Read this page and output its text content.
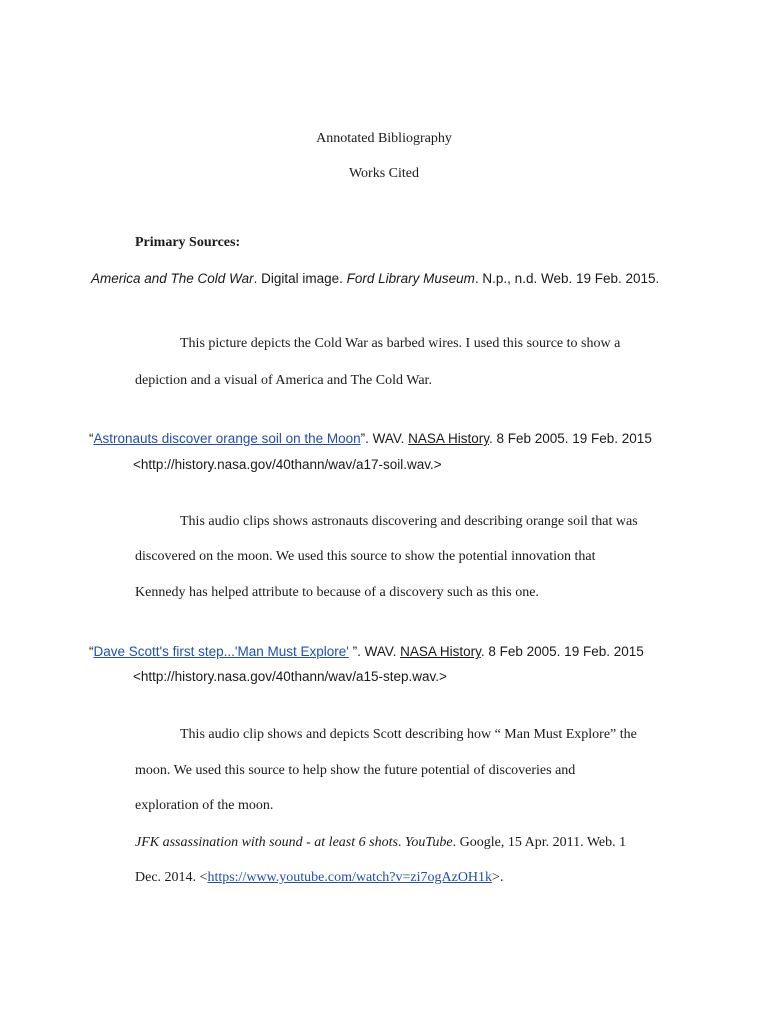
Annotated Bibliography
Works Cited
Primary Sources:
America and The Cold War. Digital image. Ford Library Museum. N.p., n.d. Web. 19 Feb. 2015.
This picture depicts the Cold War as barbed wires. I used this source to show a
depiction and a visual of America and The Cold War.
“Astronauts discover orange soil on the Moon”. WAV. NASA History. 8 Feb 2005. 19 Feb. 2015
<http://history.nasa.gov/40thann/wav/a17-soil.wav.>
This audio clips shows astronauts discovering and describing orange soil that was
discovered on the moon. We used this source to show the potential innovation that
Kennedy has helped attribute to because of a discovery such as this one.
“Dave Scott's first step...'Man Must Explore' ”. WAV. NASA History. 8 Feb 2005. 19 Feb. 2015
<http://history.nasa.gov/40thann/wav/a15-step.wav.>
This audio clip shows and depicts Scott describing how “ Man Must Explore” the
moon. We used this source to help show the future potential of discoveries and
exploration of the moon.
JFK assassination with sound - at least 6 shots. YouTube. Google, 15 Apr. 2011. Web. 1
Dec. 2014. <https://www.youtube.com/watch?v=zi7ogAzOH1k>.
